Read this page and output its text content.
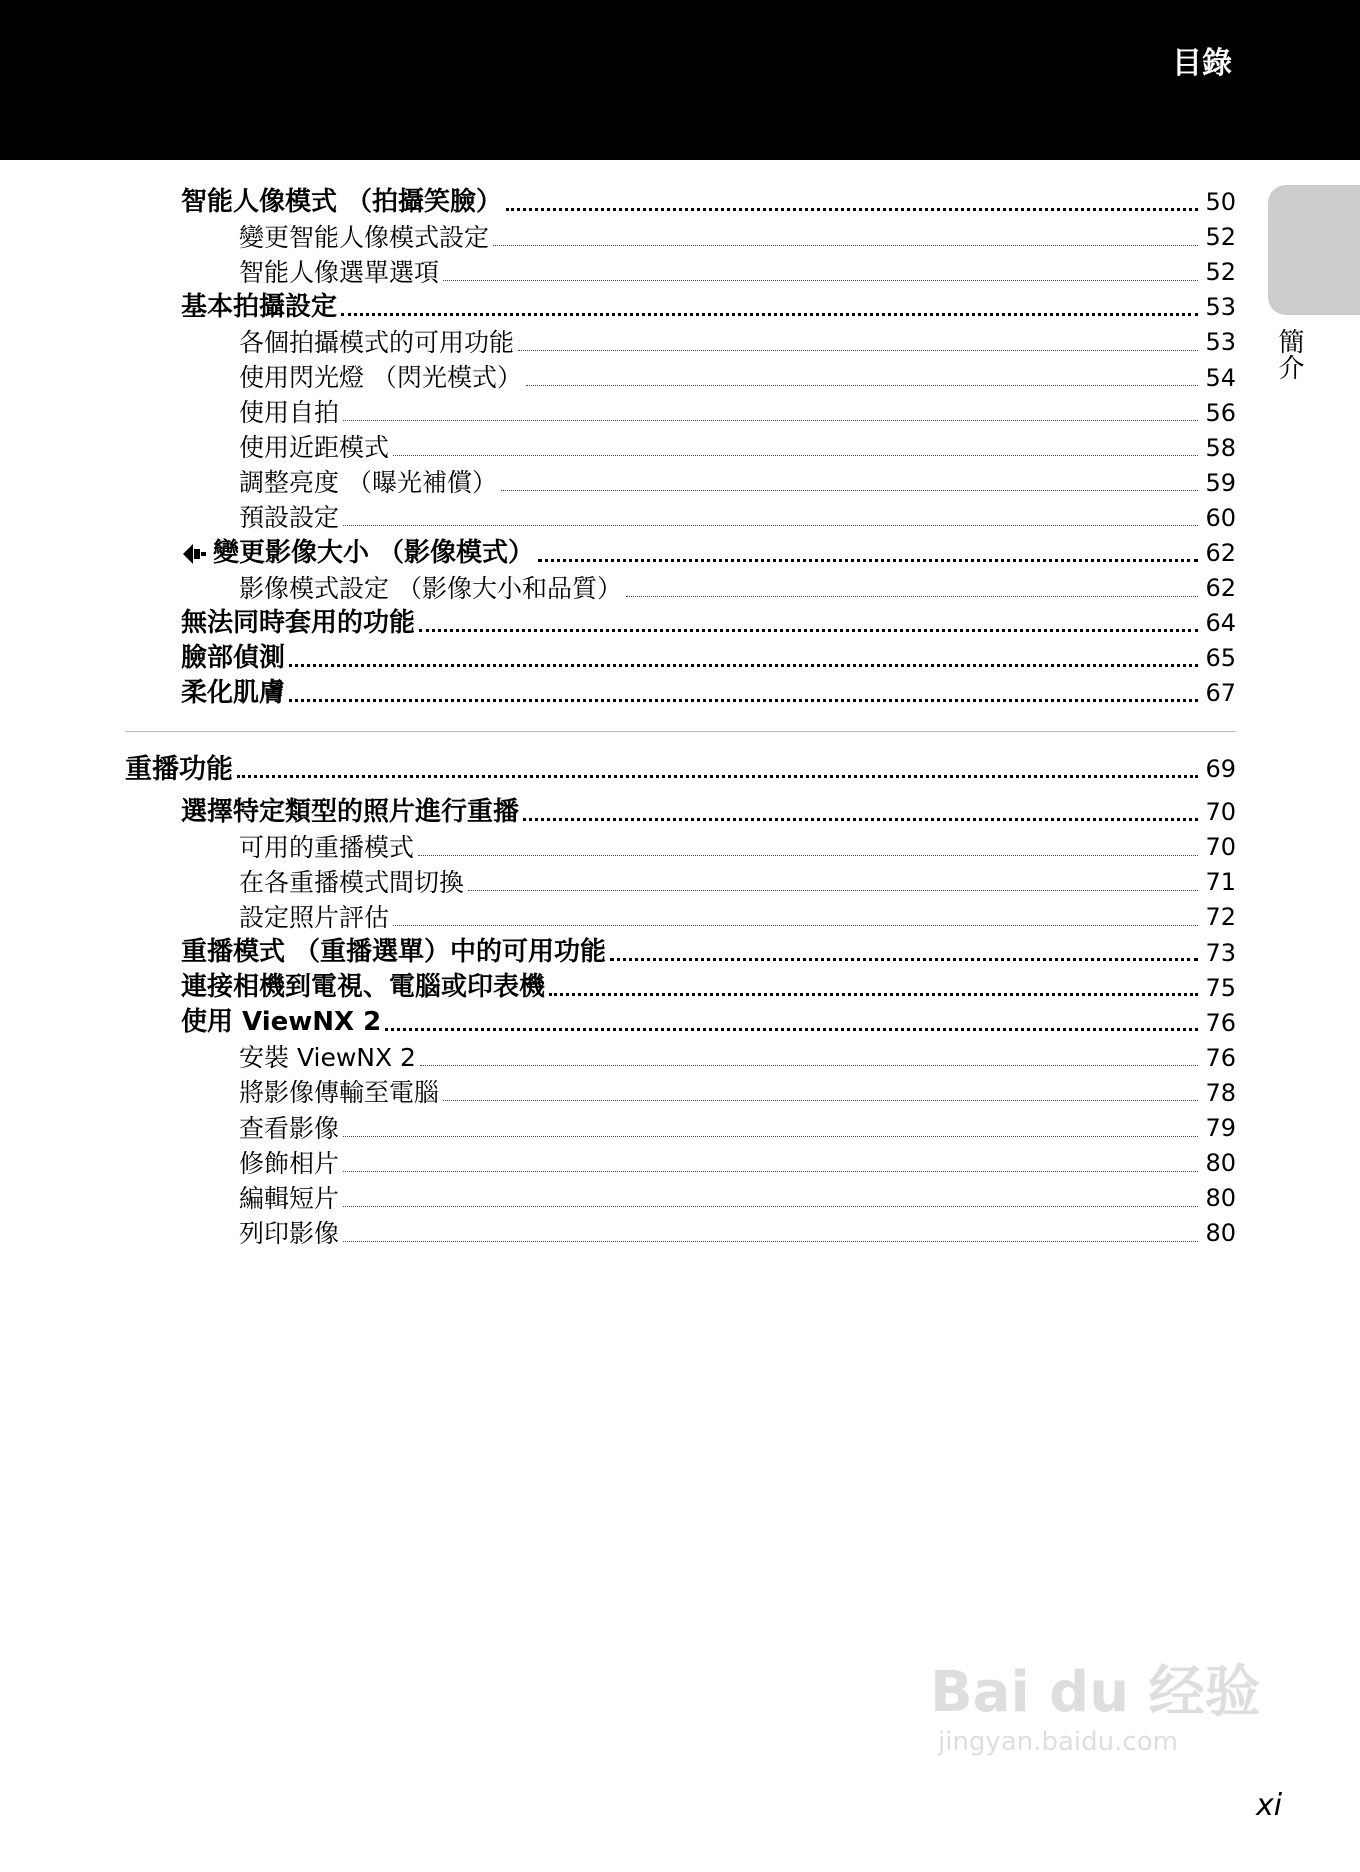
目錄
簡介
智能人像模式 （拍攝笑臉）	50
變更智能人像模式設定	52
智能人像選單選項	52
基本拍攝設定	53
各個拍攝模式的可用功能	53
使用閃光燈 （閃光模式）	54
使用自拍	56
使用近距模式	58
調整亮度 （曝光補償）	59
預設設定	60
變更影像大小 （影像模式）	62
影像模式設定 （影像大小和品質）	62
無法同時套用的功能	64
臉部偵測	65
柔化肌膚	67
重播功能	69
選擇特定類型的照片進行重播	70
可用的重播模式	70
在各重播模式間切換	71
設定照片評估	72
重播模式 （重播選單）中的可用功能	73
連接相機到電視、電腦或印表機	75
使用 ViewNX 2	76
安裝 ViewNX 2	76
將影像傳輸至電腦	78
查看影像	79
修飾相片	80
編輯短片	80
列印影像	80
xi
Bai du 经验
jingyan.baidu.com
